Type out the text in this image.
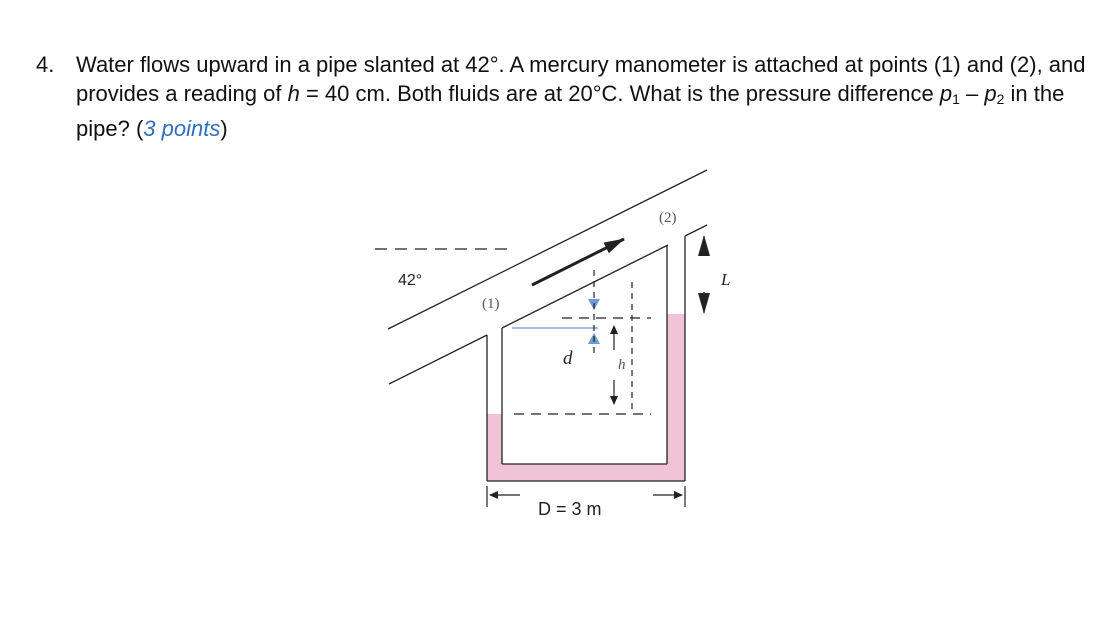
4. Water flows upward in a pipe slanted at 42°. A mercury manometer is attached at points (1) and (2), and provides a reading of h = 40 cm. Both fluids are at 20°C. What is the pressure difference $p_1 - p_2$ in the pipe? (3 points)
42°
(1)
(2)
d	h
L
D = 3 m
